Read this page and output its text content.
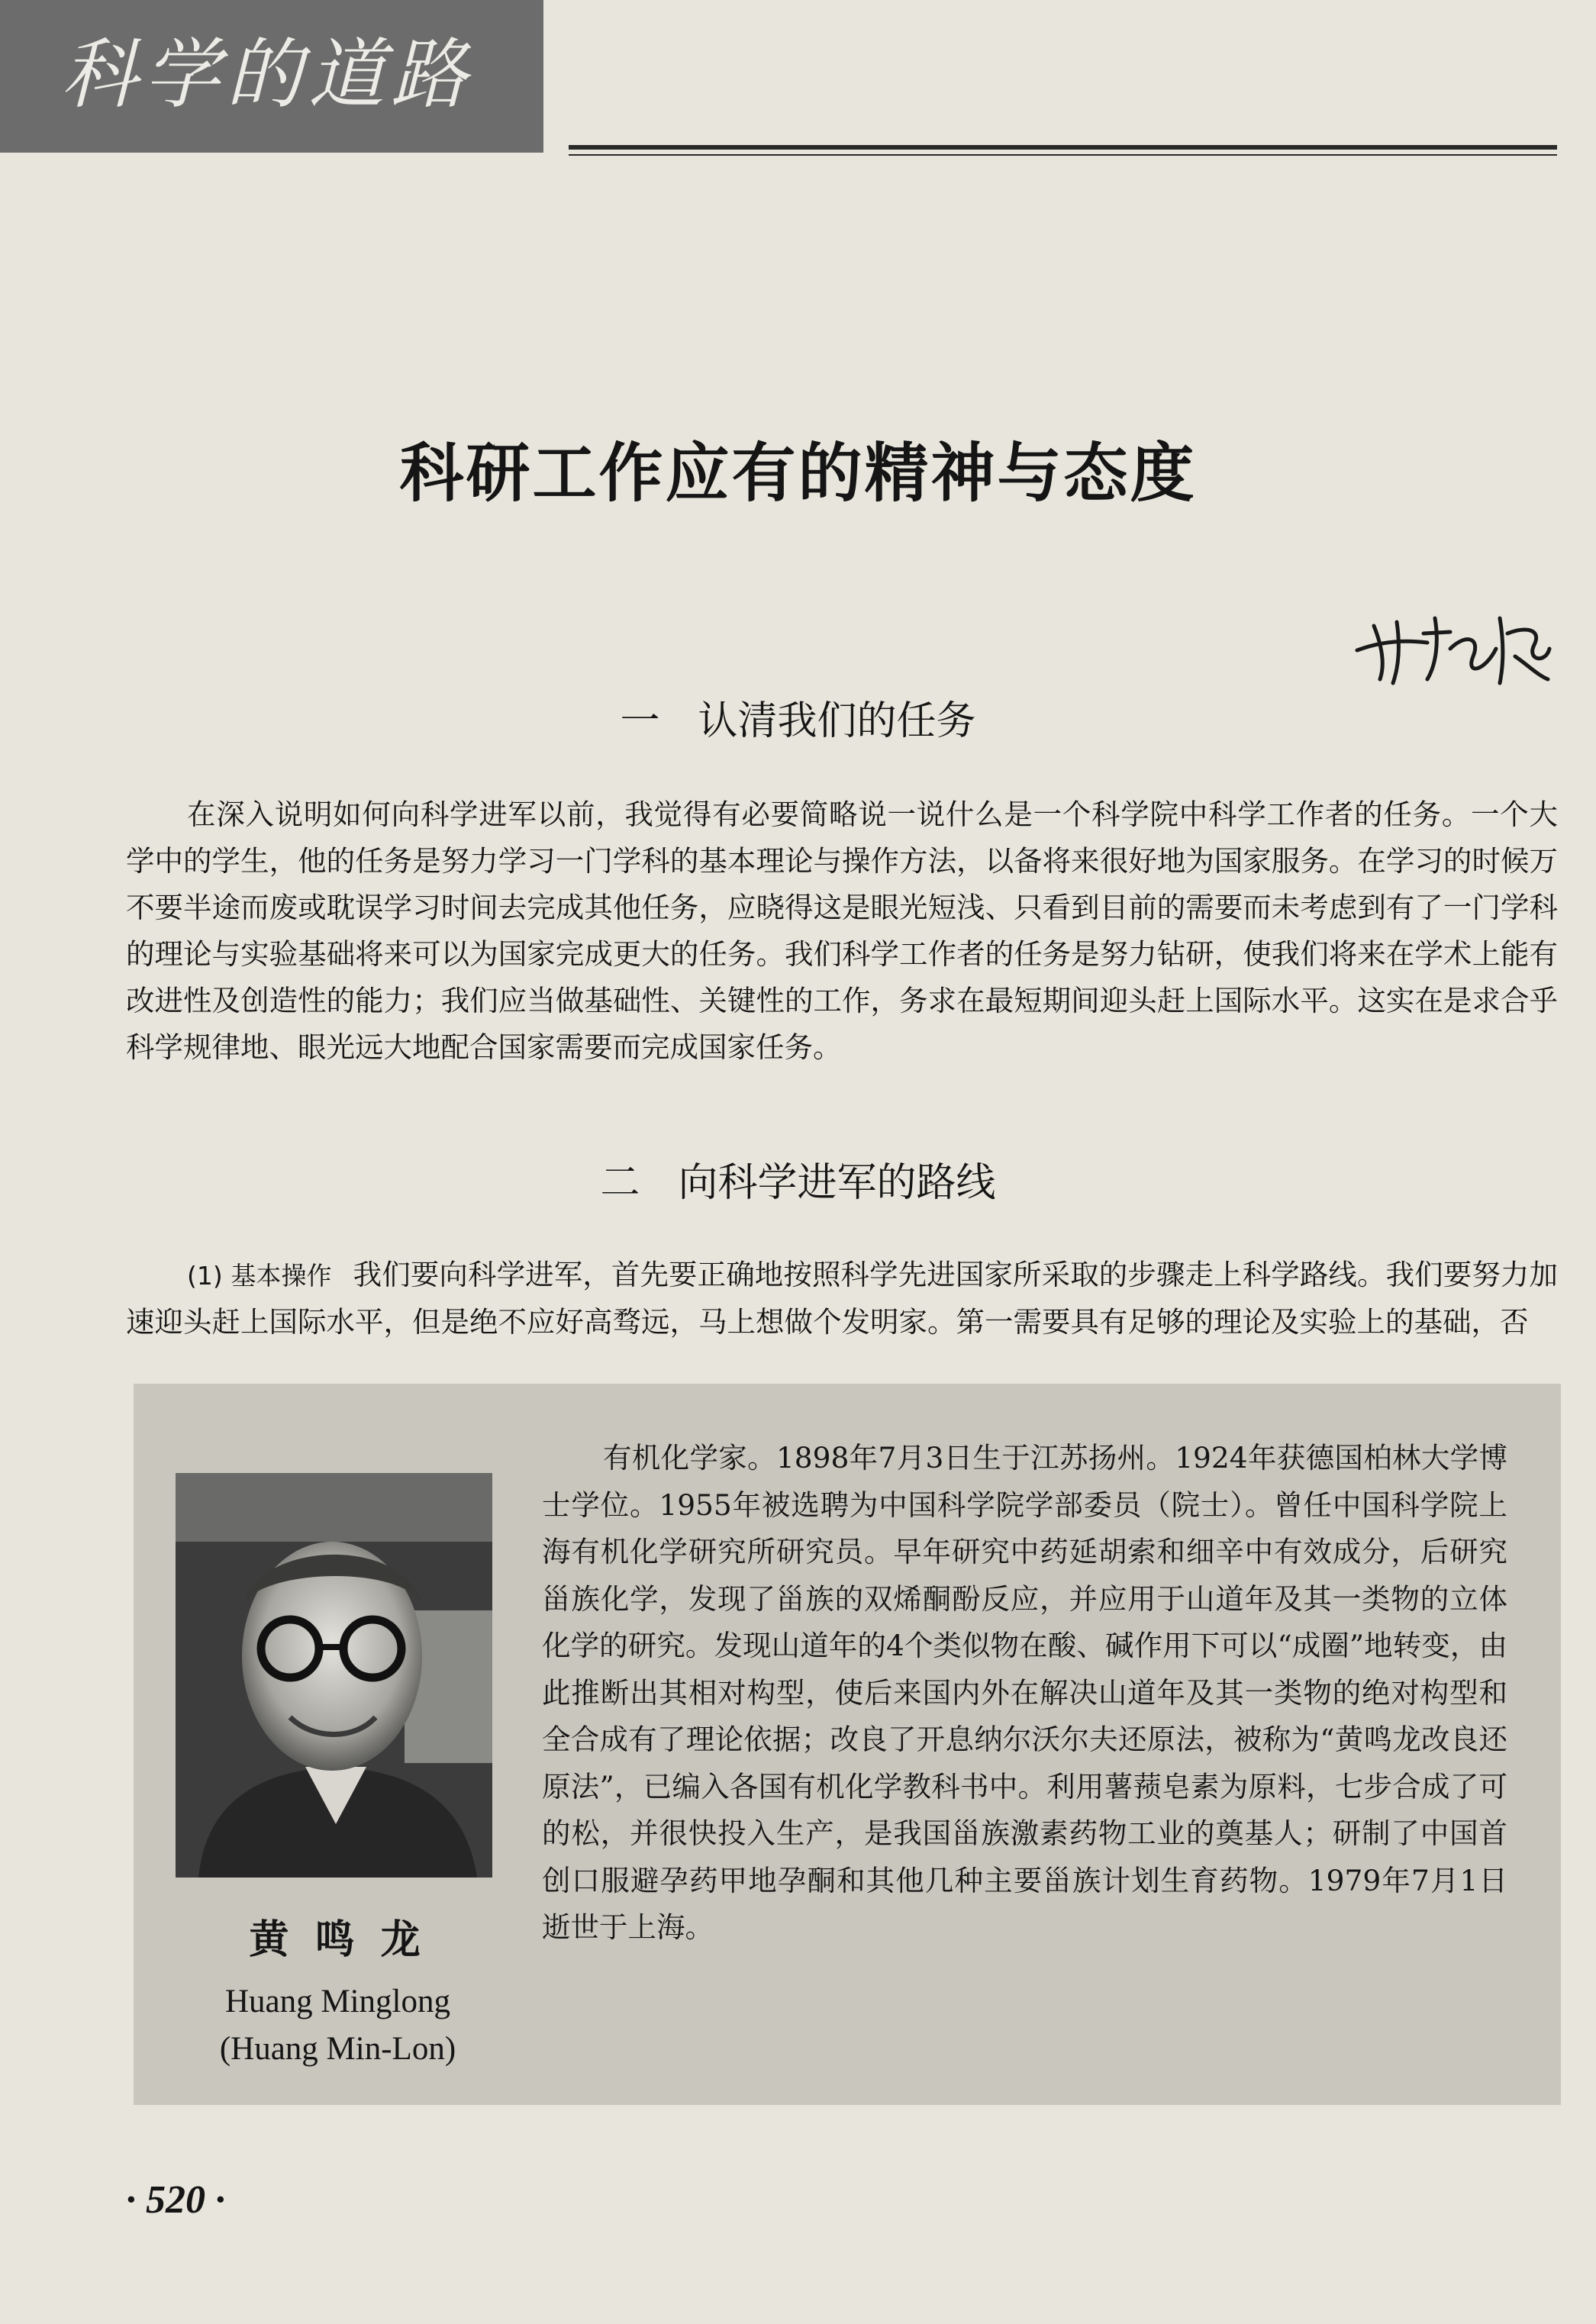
科学的道路
科研工作应有的精神与态度
一 认清我们的任务
在深入说明如何向科学进军以前，我觉得有必要简略说一说什么是一个科学院中科学工作者的任务。一个大学中的学生，他的任务是努力学习一门学科的基本理论与操作方法，以备将来很好地为国家服务。在学习的时候万不要半途而废或耽误学习时间去完成其他任务，应晓得这是眼光短浅、只看到目前的需要而未考虑到有了一门学科的理论与实验基础将来可以为国家完成更大的任务。我们科学工作者的任务是努力钻研，使我们将来在学术上能有改进性及创造性的能力；我们应当做基础性、关键性的工作，务求在最短期间迎头赶上国际水平。这实在是求合乎科学规律地、眼光远大地配合国家需要而完成国家任务。
二 向科学进军的路线
(1) 基本操作 我们要向科学进军，首先要正确地按照科学先进国家所采取的步骤走上科学路线。我们要努力加速迎头赶上国际水平，但是绝不应好高骛远，马上想做个发明家。第一需要具有足够的理论及实验上的基础，否
黄 鸣 龙
Huang Minglong
(Huang Min-Lon)
有机化学家。1898年7月3日生于江苏扬州。1924年获德国柏林大学博士学位。1955年被选聘为中国科学院学部委员（院士）。曾任中国科学院上海有机化学研究所研究员。早年研究中药延胡索和细辛中有效成分，后研究甾族化学，发现了甾族的双烯酮酚反应，并应用于山道年及其一类物的立体化学的研究。发现山道年的4个类似物在酸、碱作用下可以“成圈”地转变，由此推断出其相对构型，使后来国内外在解决山道年及其一类物的绝对构型和全合成有了理论依据；改良了开息纳尔沃尔夫还原法，被称为“黄鸣龙改良还原法”，已编入各国有机化学教科书中。利用薯蓣皂素为原料，七步合成了可的松，并很快投入生产，是我国甾族激素药物工业的奠基人；研制了中国首创口服避孕药甲地孕酮和其他几种主要甾族计划生育药物。1979年7月1日逝世于上海。
· 520 ·
